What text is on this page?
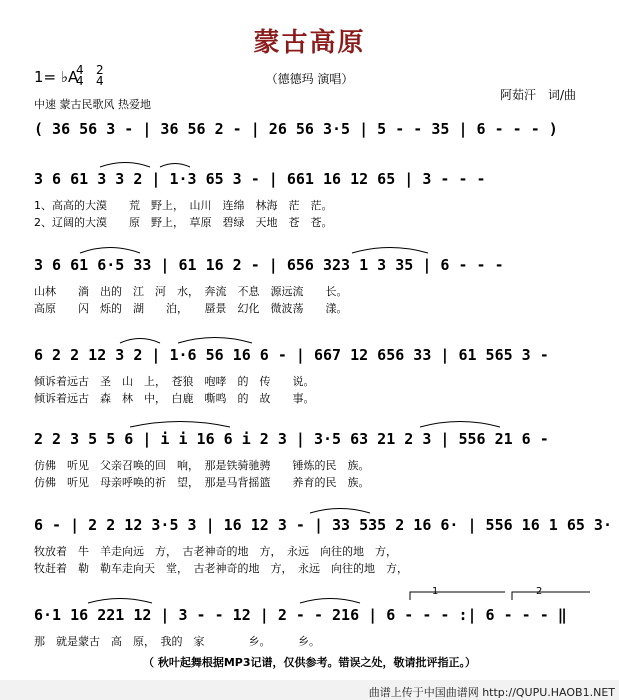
蒙古高原
（德德玛 演唱）
1= ♭A
4
4
2
4
中速 蒙古民歌风 热爱地
阿茹汗　词/曲
( 36 56 3 - | 36 56 2 - | 26 56 3·5 | 5 - - 35 | 6 - - - )
3 6 61 3 3 2 | 1·3 65 3 - | 661 16 12 65 | 3 - - -
1、高高的大漠　　荒　野上，　山川　连绵　林海　茫　茫。
2、辽阔的大漠　　原　野上，　草原　碧绿　天地　苍　苍。
3 6 61 6·5 33 | 61 16 2 - | 656 323 1 3 35 | 6 - - -
山林　　淌　出的　江　河　水，　奔流　不息　源远流　　长。
高原　　闪　烁的　湖　　泊，　　蜃景　幻化　微波荡　　漾。
6 2 2 12 3 2 | 1·6 56 16 6 - | 667 12 656 33 | 61 565 3 -
倾诉着远古　圣　山　上，　苍狼　咆哮　的　传　　说。
倾诉着远古　森　林　中，　白鹿　嘶鸣　的　故　　事。
2 2 3 5 5 6 | i i 16 6 i 2 3 | 3·5 63 21 2 3 | 556 21 6 -
仿佛　听见　父亲召唤的回　响，　那是铁骑驰骋　　锤炼的民　族。
仿佛　听见　母亲呼唤的祈　望，　那是马背摇篮　　养育的民　族。
6 - | 2 2 12 3·5 3 | 16 12 3 - | 33 535 2 16 6· | 556 16 1 65 3·
牧放着　牛　羊走向远　方，　古老神奇的地　方，　永远　向往的地　方，
牧赶着　勒　勒车走向天　堂，　古老神奇的地　方，　永远　向往的地　方，
1	2
6·1 16 221 12 | 3 - - 12 | 2 - - 216 | 6 - - - :| 6 - - - ‖
那　就是蒙古　高　原，　我的　家　　　　乡。　　　乡。
（ 秋叶起舞根据MP3记谱，仅供参考。错误之处，敬请批评指正。）
曲谱上传于中国曲谱网 http://QUPU.HAOB1.NET
